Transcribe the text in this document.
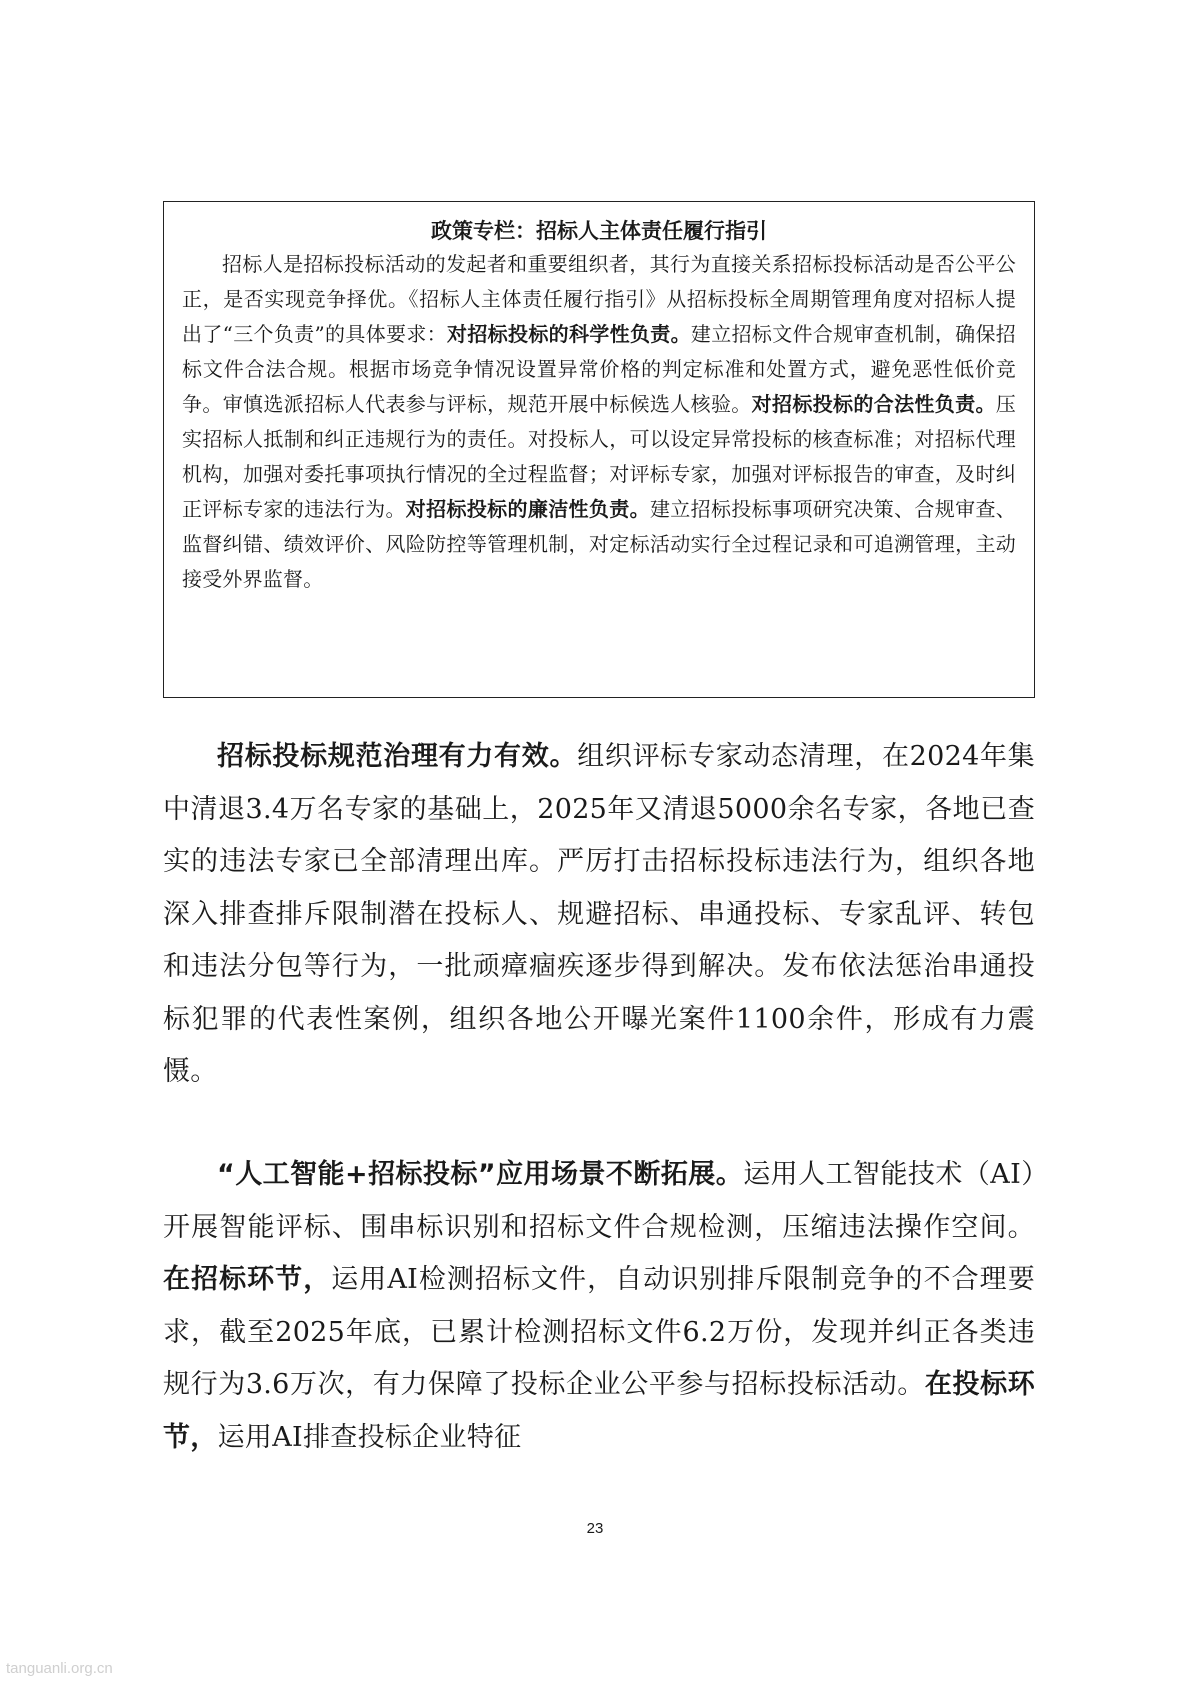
政策专栏：招标人主体责任履行指引

招标人是招标投标活动的发起者和重要组织者，其行为直接关系招标投标活动是否公平公正，是否实现竞争择优。《招标人主体责任履行指引》从招标投标全周期管理角度对招标人提出了“三个负责”的具体要求：对招标投标的科学性负责。建立招标文件合规审查机制，确保招标文件合法合规。根据市场竞争情况设置异常价格的判定标准和处置方式，避免恶性低价竞争。审慎选派招标人代表参与评标，规范开展中标候选人核验。对招标投标的合法性负责。压实招标人抵制和纠正违规行为的责任。对投标人，可以设定异常投标的核查标准；对招标代理机构，加强对委托事项执行情况的全过程监督；对评标专家，加强对评标报告的审查，及时纠正评标专家的违法行为。对招标投标的廉洁性负责。建立招标投标事项研究决策、合规审查、监督纠错、绩效评价、风险防控等管理机制，对定标活动实行全过程记录和可追溯管理，主动接受外界监督。

招标投标规范治理有力有效。组织评标专家动态清理，在2024年集中清退3.4万名专家的基础上，2025年又清退5000余名专家，各地已查实的违法专家已全部清理出库。严厉打击招标投标违法行为，组织各地深入排查排斥限制潜在投标人、规避招标、串通投标、专家乱评、转包和违法分包等行为，一批顽瘴痼疾逐步得到解决。发布依法惩治串通投标犯罪的代表性案例，组织各地公开曝光案件1100余件，形成有力震慑。

“人工智能+招标投标”应用场景不断拓展。运用人工智能技术（AI）开展智能评标、围串标识别和招标文件合规检测，压缩违法操作空间。在招标环节，运用AI检测招标文件，自动识别排斥限制竞争的不合理要求，截至2025年底，已累计检测招标文件6.2万份，发现并纠正各类违规行为3.6万次，有力保障了投标企业公平参与招标投标活动。在投标环节，运用AI排查投标企业特征

23
tanguanli.org.cn
